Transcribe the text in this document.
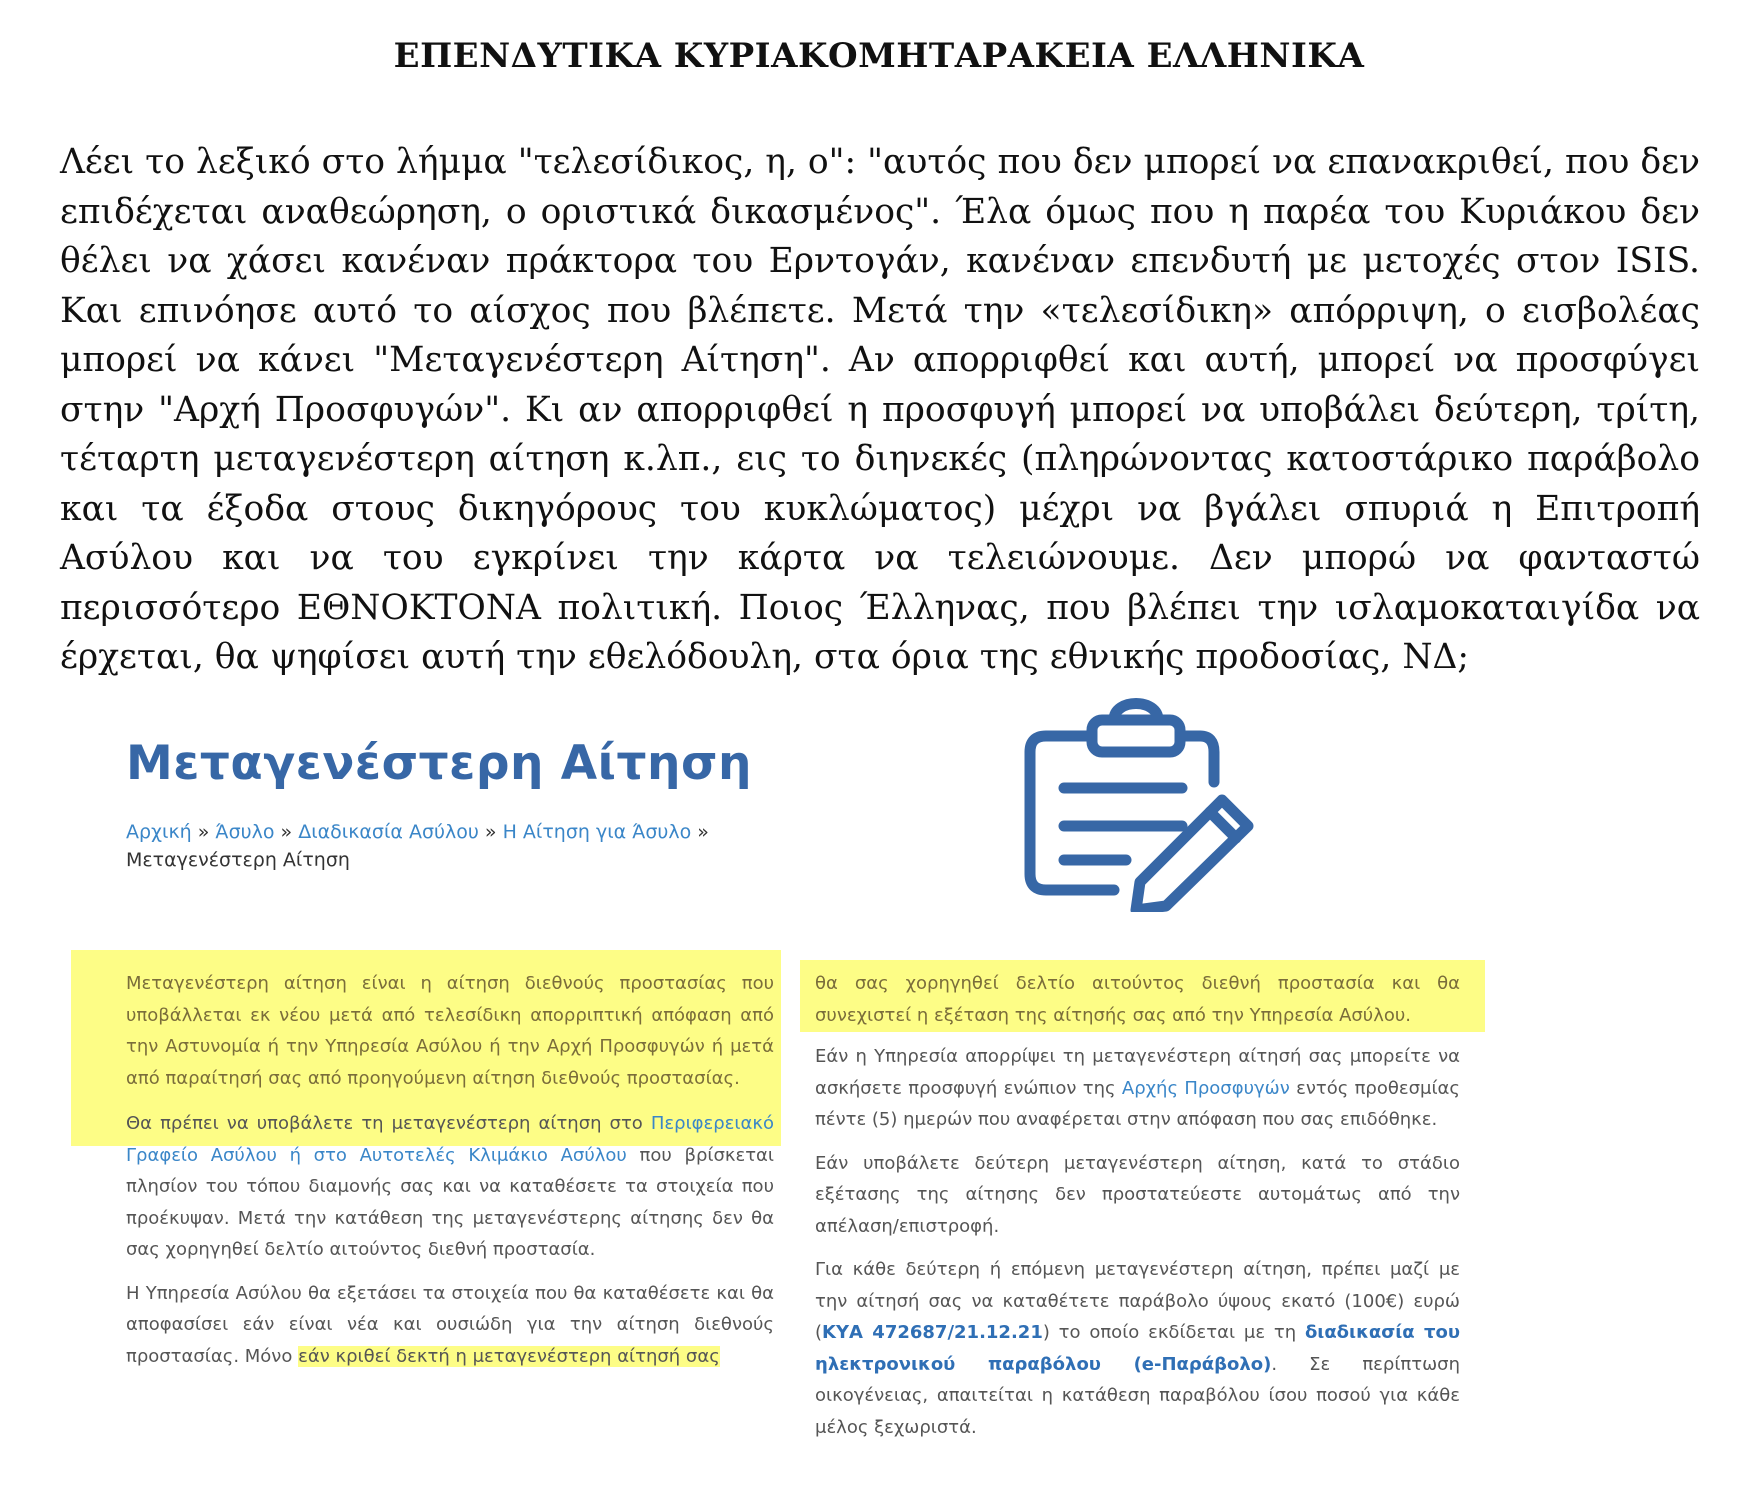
ΕΠΕΝΔΥΤΙΚΑ ΚΥΡΙΑΚΟΜΗΤΑΡΑΚΕΙΑ ΕΛΛΗΝΙΚΑ

Λέει το λεξικό στο λήμμα "τελεσίδικος, η, ο": "αυτός που δεν μπορεί να επανακριθεί, που δεν επιδέχεται αναθεώρηση, ο οριστικά δικασμένος". Έλα όμως που η παρέα του Κυριάκου δεν θέλει να χάσει κανέναν πράκτορα του Ερντογάν, κανέναν επενδυτή με μετοχές στον ISIS. Και επινόησε αυτό το αίσχος που βλέπετε. Μετά την «τελεσίδικη» απόρριψη, ο εισβολέας μπορεί να κάνει "Μεταγενέστερη Αίτηση". Αν απορριφθεί και αυτή, μπορεί να προσφύγει στην "Αρχή Προσφυγών". Κι αν απορριφθεί η προσφυγή μπορεί να υποβάλει δεύτερη, τρίτη, τέταρτη μεταγενέστερη αίτηση κ.λπ., εις το διηνεκές (πληρώνοντας κατοστάρικο παράβολο και τα έξοδα στους δικηγόρους του κυκλώματος) μέχρι να βγάλει σπυριά η Επιτροπή Ασύλου και να του εγκρίνει την κάρτα να τελειώνουμε. Δεν μπορώ να φανταστώ περισσότερο ΕΘΝΟΚΤΟΝΑ πολιτική. Ποιος Έλληνας, που βλέπει την ισλαμοκαταιγίδα να έρχεται, θα ψηφίσει αυτή την εθελόδουλη, στα όρια της εθνικής προδοσίας, ΝΔ;

Μεταγενέστερη Αίτηση
Αρχική » Άσυλο » Διαδικασία Ασύλου » Η Αίτηση για Άσυλο »
Μεταγενέστερη Αίτηση

Μεταγενέστερη αίτηση είναι η αίτηση διεθνούς προστασίας που υποβάλλεται εκ νέου μετά από τελεσίδικη απορριπτική απόφαση από την Αστυνομία ή την Υπηρεσία Ασύλου ή την Αρχή Προσφυγών ή μετά από παραίτησή σας από προηγούμενη αίτηση διεθνούς προστασίας.

Θα πρέπει να υποβάλετε τη μεταγενέστερη αίτηση στο Περιφερειακό Γραφείο Ασύλου ή στο Αυτοτελές Κλιμάκιο Ασύλου που βρίσκεται πλησίον του τόπου διαμονής σας και να καταθέσετε τα στοιχεία που προέκυψαν. Μετά την κατάθεση της μεταγενέστερης αίτησης δεν θα σας χορηγηθεί δελτίο αιτούντος διεθνή προστασία.

Η Υπηρεσία Ασύλου θα εξετάσει τα στοιχεία που θα καταθέσετε και θα αποφασίσει εάν είναι νέα και ουσιώδη για την αίτηση διεθνούς προστασίας. Μόνο εάν κριθεί δεκτή η μεταγενέστερη αίτησή σας

θα σας χορηγηθεί δελτίο αιτούντος διεθνή προστασία και θα συνεχιστεί η εξέταση της αίτησής σας από την Υπηρεσία Ασύλου.

Εάν η Υπηρεσία απορρίψει τη μεταγενέστερη αίτησή σας μπορείτε να ασκήσετε προσφυγή ενώπιον της Αρχής Προσφυγών εντός προθεσμίας πέντε (5) ημερών που αναφέρεται στην απόφαση που σας επιδόθηκε.

Εάν υποβάλετε δεύτερη μεταγενέστερη αίτηση, κατά το στάδιο εξέτασης της αίτησης δεν προστατεύεστε αυτομάτως από την απέλαση/επιστροφή.

Για κάθε δεύτερη ή επόμενη μεταγενέστερη αίτηση, πρέπει μαζί με την αίτησή σας να καταθέτετε παράβολο ύψους εκατό (100€) ευρώ (ΚΥΑ 472687/21.12.21) το οποίο εκδίδεται με τη διαδικασία του ηλεκτρονικού παραβόλου (e-Παράβολο). Σε περίπτωση οικογένειας, απαιτείται η κατάθεση παραβόλου ίσου ποσού για κάθε μέλος ξεχωριστά.
